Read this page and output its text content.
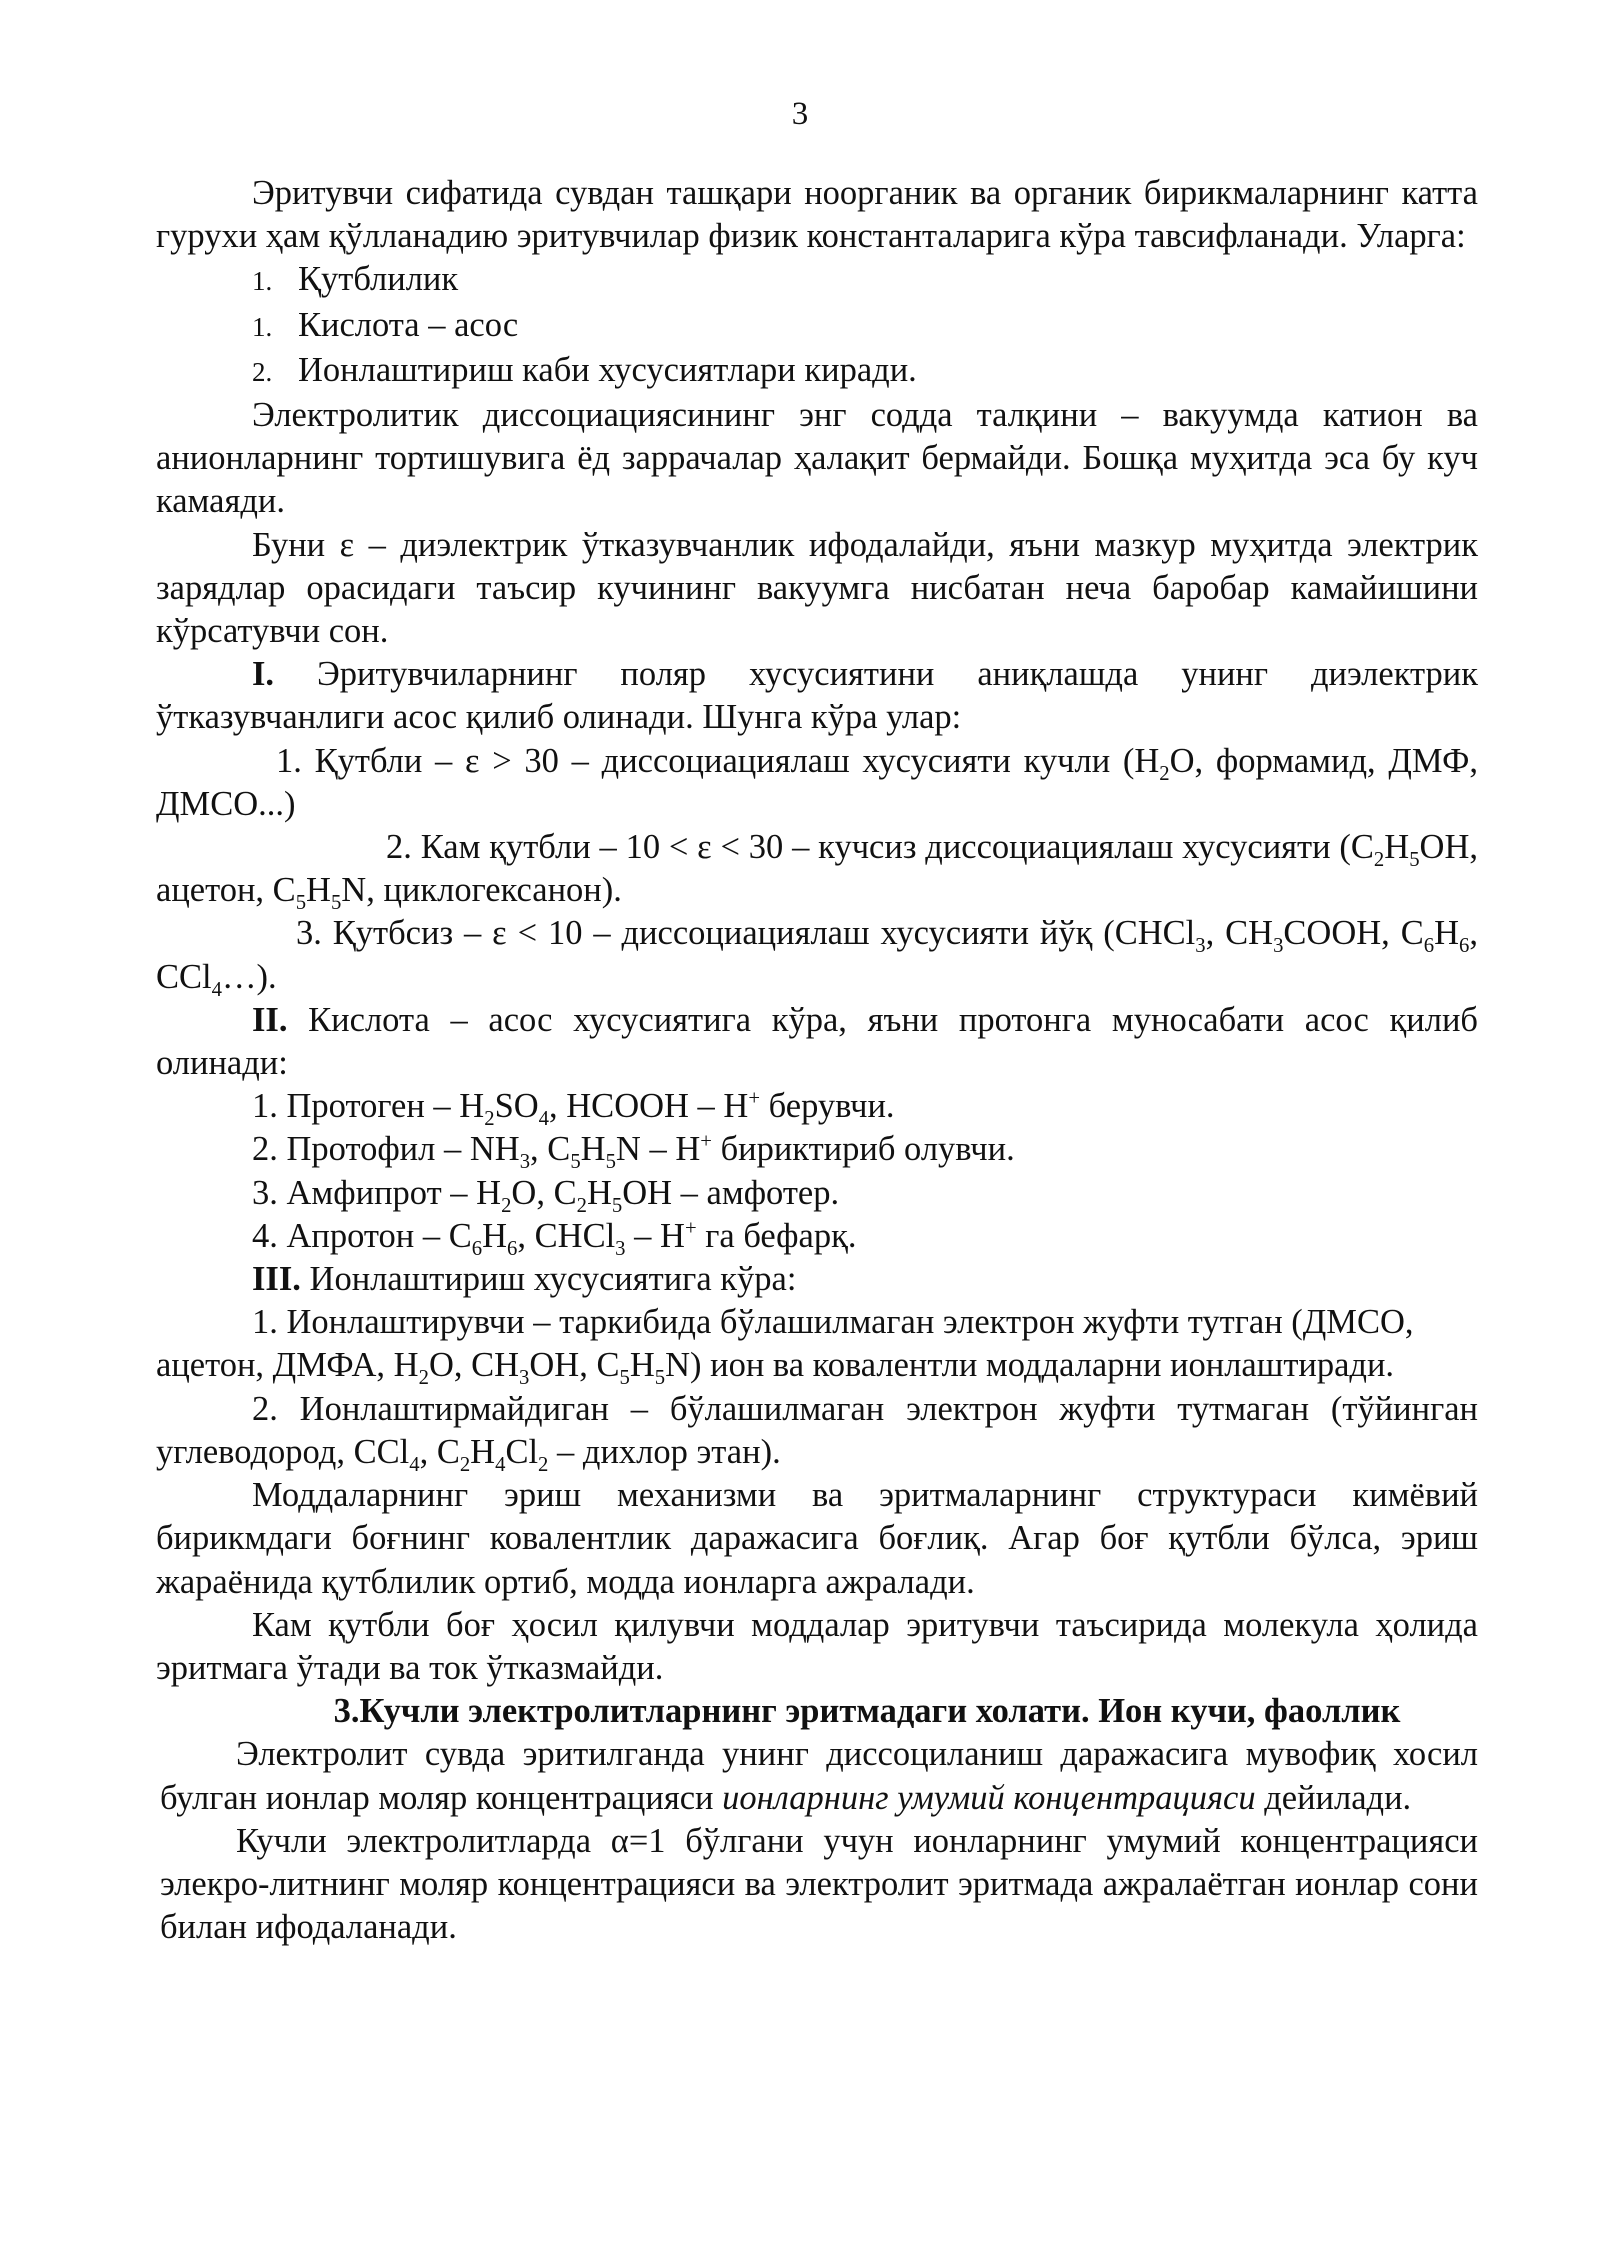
3

Эритувчи сифатида сувдан ташқари ноорганик ва органик бирикмаларнинг катта гурухи ҳам қўлланадию эритувчилар физик константаларига кўра тавсифланади. Уларга:

1. Қутблилик

1. Кислота – асос

2. Ионлаштириш каби хусусиятлари киради.

Электролитик диссоциациясининг энг содда талқини – вакуумда катион ва анионларнинг тортишувига ёд заррачалар ҳалақит бермайди. Бошқа муҳитда эса бу куч камаяди.

Буни ε – диэлектрик ўтказувчанлик ифодалайди, яъни мазкур муҳитда электрик зарядлар орасидаги таъсир кучининг вакуумга нисбатан неча баробар камайишини кўрсатувчи сон.

I. Эритувчиларнинг поляр хусусиятини аниқлашда унинг диэлектрик ўтказувчанлиги асос қилиб олинади. Шунга кўра улар:

1. Қутбли – ε > 30 – диссоциациялаш хусусияти кучли ($H_2O$, формамид, ДМФ, ДМСО...)

2. Кам қутбли – 10 < ε < 30 – кучсиз диссоциациялаш хусусияти ($C_2H_5OH$, ацетон, $C_5H_5N$, циклогексанон).

3. Қутбсиз – ε < 10 – диссоциациялаш хусусияти йўқ (CHCl$_3$, $CH_3COOH$, $C_6H_6$, CCl$_4$…).

II. Кислота – асос хусусиятига кўра, яъни протонга муносабати асос қилиб олинади:

1. Протоген – $H_2SO_4$, HCOOH – H+ берувчи.

2. Протофил – $NH_3$, $C_5H_5N - H^+$ бириктириб олувчи.

3. Амфипрот – $H_2O$, $C_2H_5OH$ – амфотер.

4. Апротон – $C_6H_6$, CHCl$_3$ – H+ га бефарқ.

III. Ионлаштириш хусусиятига кўра:

1. Ионлаштирувчи – таркибида бўлашилмаган электрон жуфти тутган (ДМСО, ацетон, ДМФА, $H_2O$, $CH_3OH$, $C_5H_5N$) ион ва ковалентли моддаларни ионлаштиради.

2. Ионлаштирмайдиган – бўлашилмаган электрон жуфти тутмаган (тўйинган углеводород, CCl$_4$, $C_2H_4Cl_2$ – дихлор этан).

Моддаларнинг эриш механизми ва эритмаларнинг структураси кимёвий бирикмдаги боғнинг ковалентлик даражасига боғлиқ. Агар боғ қутбли бўлса, эриш жараёнида қутблилик ортиб, модда ионларга ажралади.

Кам қутбли боғ ҳосил қилувчи моддалар эритувчи таъсирида молекула ҳолида эритмага ўтади ва ток ўтказмайди.

3.Кучли электролитларнинг эритмадаги холати. Ион кучи, фаоллик

Электролит сувда эритилганда унинг диссоциланиш даражасига мувофиқ хосил булган ионлар моляр концентрацияси ионларнинг умумий концентрацияси дейилади.

Кучли электролитларда α=1 бўлгани учун ионларнинг умумий концентрацияси элекро-литнинг моляр концентрацияси ва электролит эритмада ажралаётган ионлар сони билан ифодаланади.
